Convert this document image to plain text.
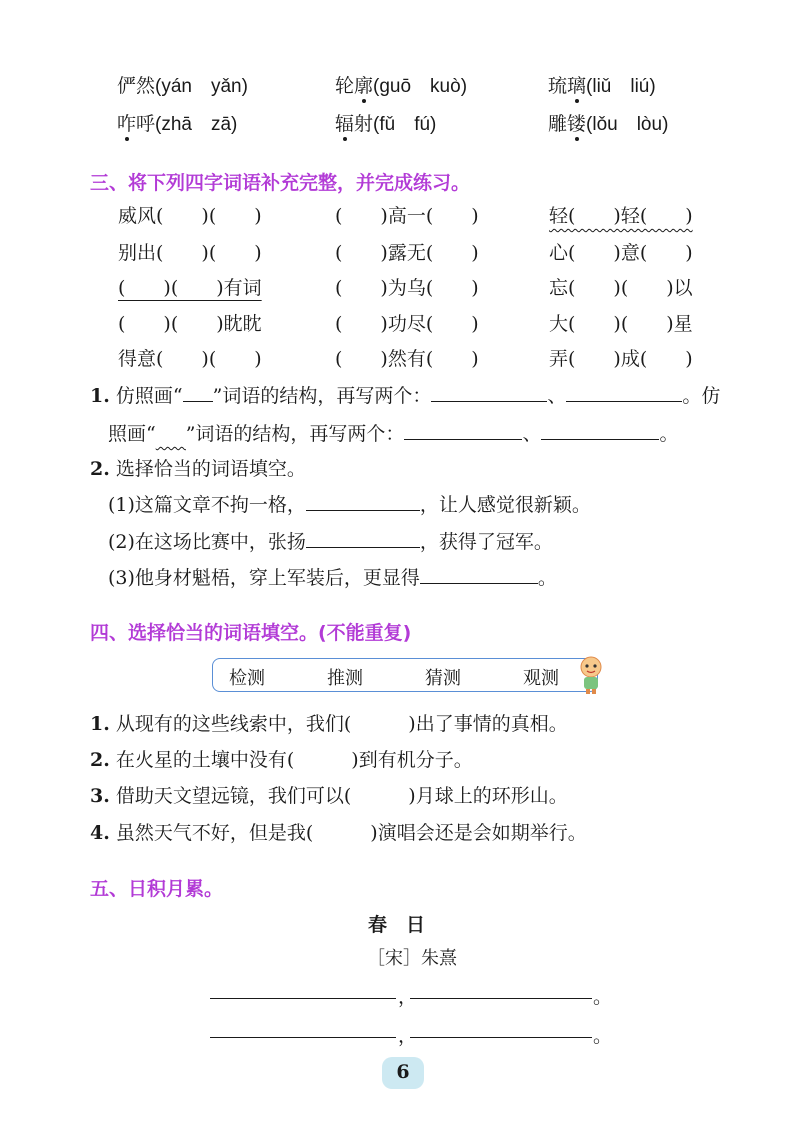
俨然(yán　yǎn)	轮廓(guō　kuò)	琉璃(liǔ　liú)
咋呼(zhā　zā)	辐射(fǔ　fú)	雕镂(lǒu　lòu)
三、将下列四字词语补充完整，并完成练习。
威风(　　)(　　)	(　　)高一(　　)	轻(　　)轻(　　)
别出(　　)(　　)	(　　)露无(　　)	心(　　)意(　　)
(　　)(　　)有词	(　　)为乌(　　)	忘(　　)(　　)以
(　　)(　　)眈眈	(　　)功尽(　　)	大(　　)(　　)星
得意(　　)(　　)	(　　)然有(　　)	弄(　　)成(　　)
1. 仿照画“ ”词语的结构，再写两个：	、	。仿
照画“ ”词语的结构，再写两个：	、	。
2. 选择恰当的词语填空。
(1)这篇文章不拘一格，	，让人感觉很新颖。
(2)在这场比赛中，张扬	，获得了冠军。
(3)他身材魁梧，穿上军装后，更显得	。
四、选择恰当的词语填空。(不能重复)
检测	推测	猜测	观测
1. 从现有的这些线索中，我们(　　　)出了事情的真相。
2. 在火星的土壤中没有(　　　)到有机分子。
3. 借助天文望远镜，我们可以(　　　)月球上的环形山。
4. 虽然天气不好，但是我(　　　)演唱会还是会如期举行。
五、日积月累。
春　日
［宋］朱熹
，	。
，	。
6
